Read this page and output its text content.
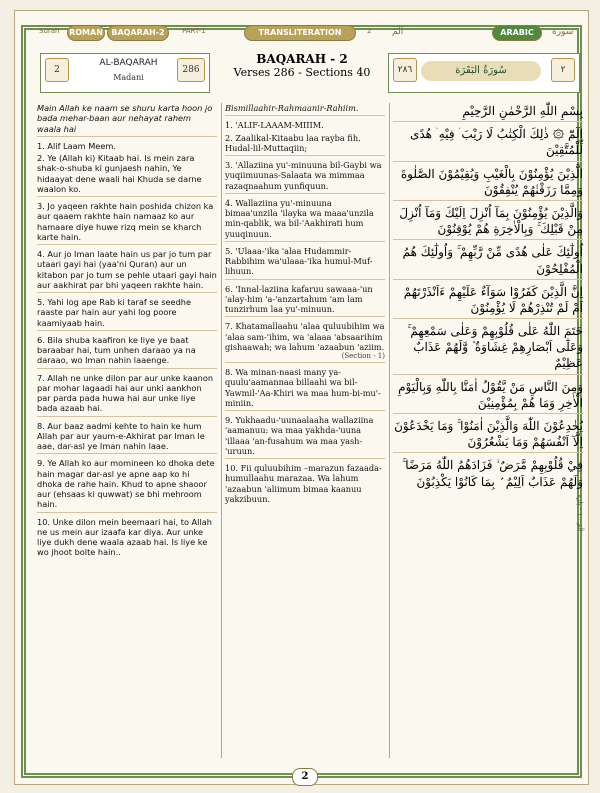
Surah ROMAN	BAQARAH-2	PART-1	TRANSLITERATION	2 الٓمٓ	ARABIC	سورة
2
AL-BAQARAH
Madani
286
BAQARAH - 2
Verses 286 - Sections 40	٢٨٦	سُورَةُ البَقَرَة	٢
Main Allah ke naam se shuru karta hoon jo bada mehar-baan aur nehayat rahem waala hai
1. Alif Laam Meem.
2. Ye (Allah ki) Kitaab hai. Is mein zara shak-o-shuba ki gunjaesh nahin, Ye hidaayat dene waali hai Khuda se darne waalon ko.
3. Jo yaqeen rakhte hain poshida chizon ka aur qaaem rakhte hain namaaz ko aur hamaare diye huwe rizq mein se kharch karte hain.
4. Aur jo Iman laate hain us par jo tum par utaari gayi hai (yaa'ni Quran) aur un kitabon par jo tum se pehle utaari gayi hain aur aakhirat par bhi yaqeen rakhte hain.
5. Yahi log ape Rab ki taraf se seedhe raaste par hain aur yahi log poore kaamiyaab hain.
6. Bila shuba kaafiron ke liye ye baat baraabar hai, tum unhen daraao ya na daraao, wo Iman nahin laaenge.
7. Allah ne unke dilon par aur unke kaanon par mohar lagaadi hai aur unki aankhon par parda pada huwa hai aur unke liye bada azaab hai.
8. Aur baaz aadmi kehte to hain ke hum Allah par aur yaum-e-Akhirat par Iman le aae, dar-asl ye Iman nahin laae.
9. Ye Allah ko aur momineen ko dhoka dete hain magar dar-asl ye apne aap ko hi dhoka de rahe hain. Khud to apne shaoor aur (ehsaas ki quwwat) se bhi mehroom hain.
10. Unke dilon mein beemaari hai, to Allah ne us mein aur izaafa kar diya. Aur unke liye dukh dene waala azaab hai. Is liye ke wo jhoot bolte hain..
Bismillaahir-Rahmaanir-Rahiim.
1. 'ALIF-LAAAM-MIIIM.
2. Zaalikal-Kitaabu laa rayba fih. Hudal-lil-Muttaqiin;
3. 'Allaziina yu'-minuuna bil-Gaybi wa yuqiimuunas-Salaata wa mimmaa razaqnaahum yunfiquun.
4. Wallaziina yu'-minuuna bimaa'unzila 'ilayka wa maaa'unzila min-qablik, wa bil-'Aakhirati hum yuuqinuun.
5. 'Ulaaa-'ika 'alaa Hudammir-Rabbihim wa'ulaaa-'ika humul-Muf-lihuun.
6. 'Innal-laziina kafaruu sawaaa-'un 'alay-him 'a-'anzartahum 'am lam tunzirhum laa yu'-minuun.
7. Khatamallaahu 'alaa quluubihim wa 'alaa sam-'ihim, wa 'alaaa 'absaarihim gishaawah; wa lahum 'azaabun 'aziim.
(Section - 1)
8. Wa minan-naasi many ya-quulu'aamannaa billaahi wa bil-Yawmil-'Aa-Khiri wa maa hum-bi-mu'-miniin.
9. Yukhaadu-'uunaalaaha wallaziina 'aamanuu: wa maa yakhda-'uuna 'illaaa 'an-fusahum wa maa yash-'uruun.
10. Fii quluubihim –marazun fazaada-humullaahu marazaa. Wa lahum 'azaabun 'aliimum bimaa kaanuu yakzibuun.
بِسْمِ اللّٰهِ الرَّحْمٰنِ الرَّحِيْمِ
الٓمّٓ ۞ ذٰلِكَ الْكِتٰبُ لَا رَيْبَ ۛ فِيْهِ ۛ هُدًى لِّلْمُتَّقِيْنَ
الَّذِيْنَ يُؤْمِنُوْنَ بِالْغَيْبِ وَيُقِيْمُوْنَ الصَّلٰوةَ وَمِمَّا رَزَقْنٰهُمْ يُنْفِقُوْنَ
وَالَّذِيْنَ يُؤْمِنُوْنَ بِمَآ اُنْزِلَ اِلَيْكَ وَمَآ اُنْزِلَ مِنْ قَبْلِكَ ۚ وَبِالْاٰخِرَةِ هُمْ يُوْقِنُوْنَ
اُولٰٓئِكَ عَلٰى هُدًى مِّنْ رَّبِّهِمْ ۚ وَاُولٰٓئِكَ هُمُ الْمُفْلِحُوْنَ
اِنَّ الَّذِيْنَ كَفَرُوْا سَوَآءٌ عَلَيْهِمْ ءَاَنْذَرْتَهُمْ اَمْ لَمْ تُنْذِرْهُمْ لَا يُؤْمِنُوْنَ
خَتَمَ اللّٰهُ عَلٰى قُلُوْبِهِمْ وَعَلٰى سَمْعِهِمْ ۚ وَعَلٰٓى اَبْصَارِهِمْ غِشَاوَةٌ ۫ وَّلَهُمْ عَذَابٌ عَظِيْمٌ
وَمِنَ النَّاسِ مَنْ يَّقُوْلُ اٰمَنَّا بِاللّٰهِ وَبِالْيَوْمِ الْاٰخِرِ وَمَا هُمْ بِمُؤْمِنِيْنَ
يُخٰدِعُوْنَ اللّٰهَ وَالَّذِيْنَ اٰمَنُوْا ۚ وَمَا يَخْدَعُوْنَ اِلَّآ اَنْفُسَهُمْ وَمَا يَشْعُرُوْنَ
فِيْ قُلُوْبِهِمْ مَّرَضٌ ۙ فَزَادَهُمُ اللّٰهُ مَرَضًا ۚ وَلَهُمْ عَذَابٌ اَلِيْمٌ ۢ بِمَا كَانُوْا يَكْذِبُوْنَ
الٓمٓ - ۱ - پارہ
2
